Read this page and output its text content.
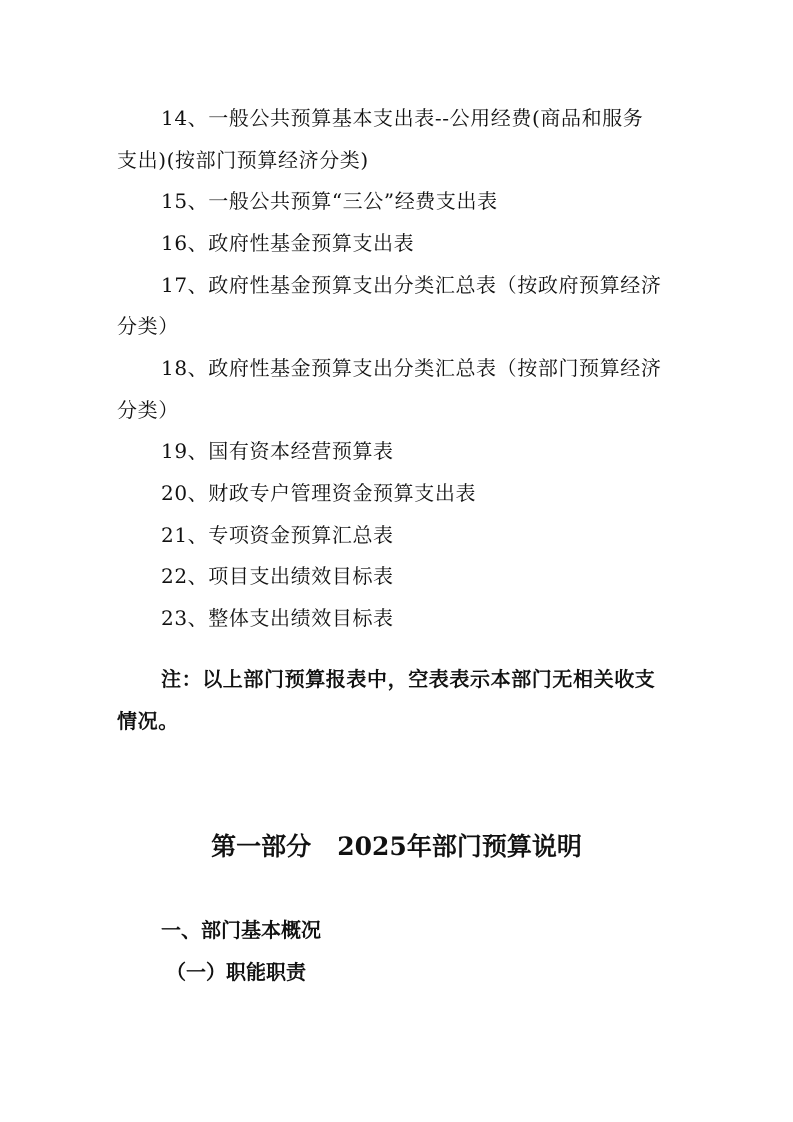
14、一般公共预算基本支出表--公用经费(商品和服务
支出)(按部门预算经济分类)
15、一般公共预算“三公”经费支出表
16、政府性基金预算支出表
17、政府性基金预算支出分类汇总表（按政府预算经济
分类）
18、政府性基金预算支出分类汇总表（按部门预算经济
分类）
19、国有资本经营预算表
20、财政专户管理资金预算支出表
21、专项资金预算汇总表
22、项目支出绩效目标表
23、整体支出绩效目标表
注：以上部门预算报表中，空表表示本部门无相关收支
情况。
第一部分   2025年部门预算说明
一、部门基本概况
（一）职能职责
